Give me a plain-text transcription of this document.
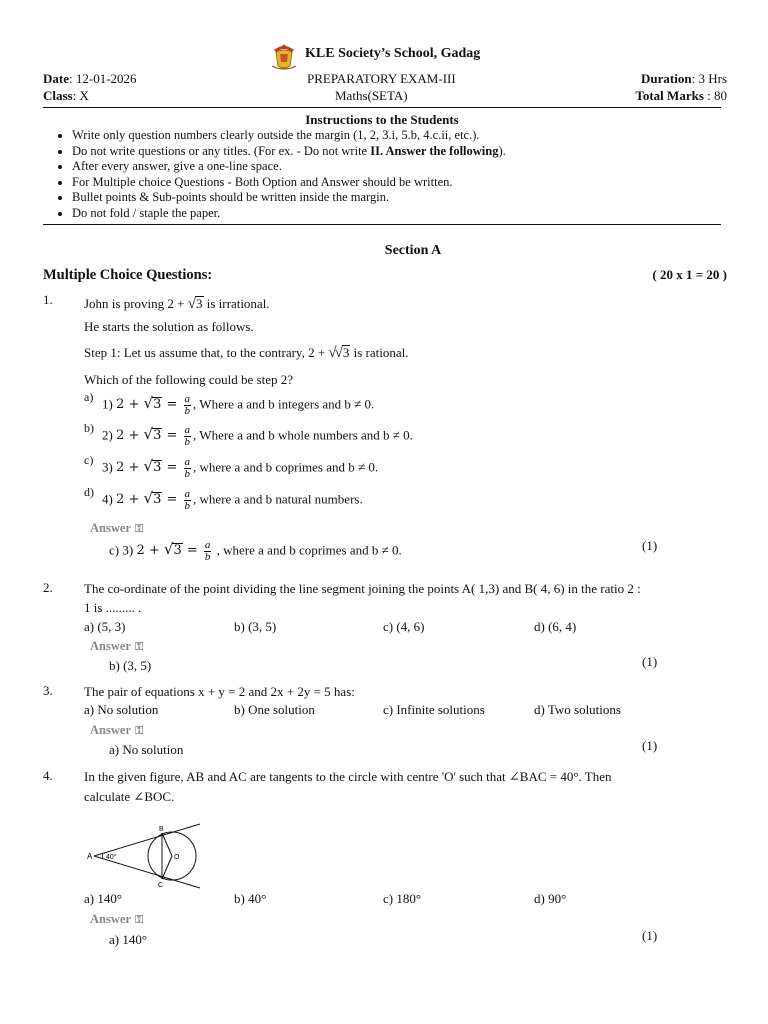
KLE Society’s School, Gadag
Date: 12-01-2026	PREPARATORY EXAM-III	Duration: 3 Hrs
Class: X	Maths(SETA)	Total Marks : 80
Instructions to the Students
• Write only question numbers clearly outside the margin (1, 2, 3.i, 5.b, 4.c.ii, etc.).
• Do not write questions or any titles. (For ex. - Do not write II. Answer the following).
• After every answer, give a one-line space.
• For Multiple choice Questions - Both Option and Answer should be written.
• Bullet points & Sub-points should be written inside the margin.
• Do not fold / staple the paper.
Section A
Multiple Choice Questions:	( 20 x 1 = 20 )
1. John is proving 2 + √3 is irrational.
He starts the solution as follows.
Step 1: Let us assume that, to the contrary, 2 + √√3 is rational.
Which of the following could be step 2?
a) 1) $2 + √3 = \frac{a}{b}$ , Where a and b integers and b ≠ 0.
b) 2) $2 + √3 = \frac{a}{b}$ , Where a and b whole numbers and b ≠ 0.
c) 3) $2 + √3 = \frac{a}{b}$ , where a and b coprimes and b ≠ 0.
d) 4) $2 + √3 = \frac{a}{b}$ , where a and b natural numbers.
Answer ⚿
c) 3) $2 + √3 = \frac{a}{b}$ , where a and b coprimes and b ≠ 0.	(1)
2. The co-ordinate of the point dividing the line segment joining the points A( 1,3) and B( 4, 6) in the ratio 2 :
1 is ......... .
a) (5, 3)	b) (3, 5)	c) (4, 6)	d) (6, 4)
Answer ⚿
b) (3, 5)	(1)
3. The pair of equations x + y = 2 and 2x + 2y = 5 has:
a) No solution	b) One solution	c) Infinite solutions	d) Two solutions
Answer ⚿
a) No solution	(1)
4. In the given figure, AB and AC are tangents to the circle with centre 'O' such that ∠BAC = 40°. Then
calculate ∠BOC.
A 40°
B
C
O
a) 140°	b) 40°	c) 180°	d) 90°
Answer ⚿
a) 140°	(1)
